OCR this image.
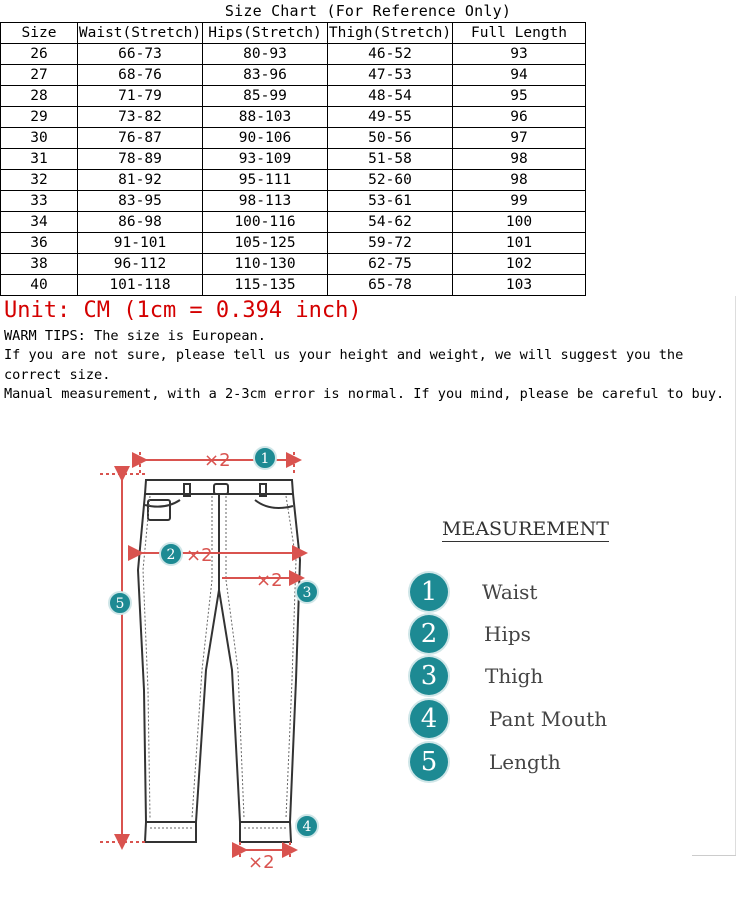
Size Chart (For Reference Only)
Size	Waist(Stretch)	Hips(Stretch)	Thigh(Stretch)	Full Length
26	66-73	80-93	46-52	93
27	68-76	83-96	47-53	94
28	71-79	85-99	48-54	95
29	73-82	88-103	49-55	96
30	76-87	90-106	50-56	97
31	78-89	93-109	51-58	98
32	81-92	95-111	52-60	98
33	83-95	98-113	53-61	99
34	86-98	100-116	54-62	100
36	91-101	105-125	59-72	101
38	96-112	110-130	62-75	102
40	101-118	115-135	65-78	103
Unit: CM (1cm = 0.394 inch)
WARM TIPS: The size is European.
If you are not sure, please tell us your height and weight, we will suggest you the correct size.
Manual measurement, with a 2-3cm error is normal. If you mind, please be careful to buy.
×2
×2
×2
×2
1
2
3
4
5
MEASUREMENT
1	Waist
2	Hips
3	Thigh
4	Pant Mouth
5	Length
